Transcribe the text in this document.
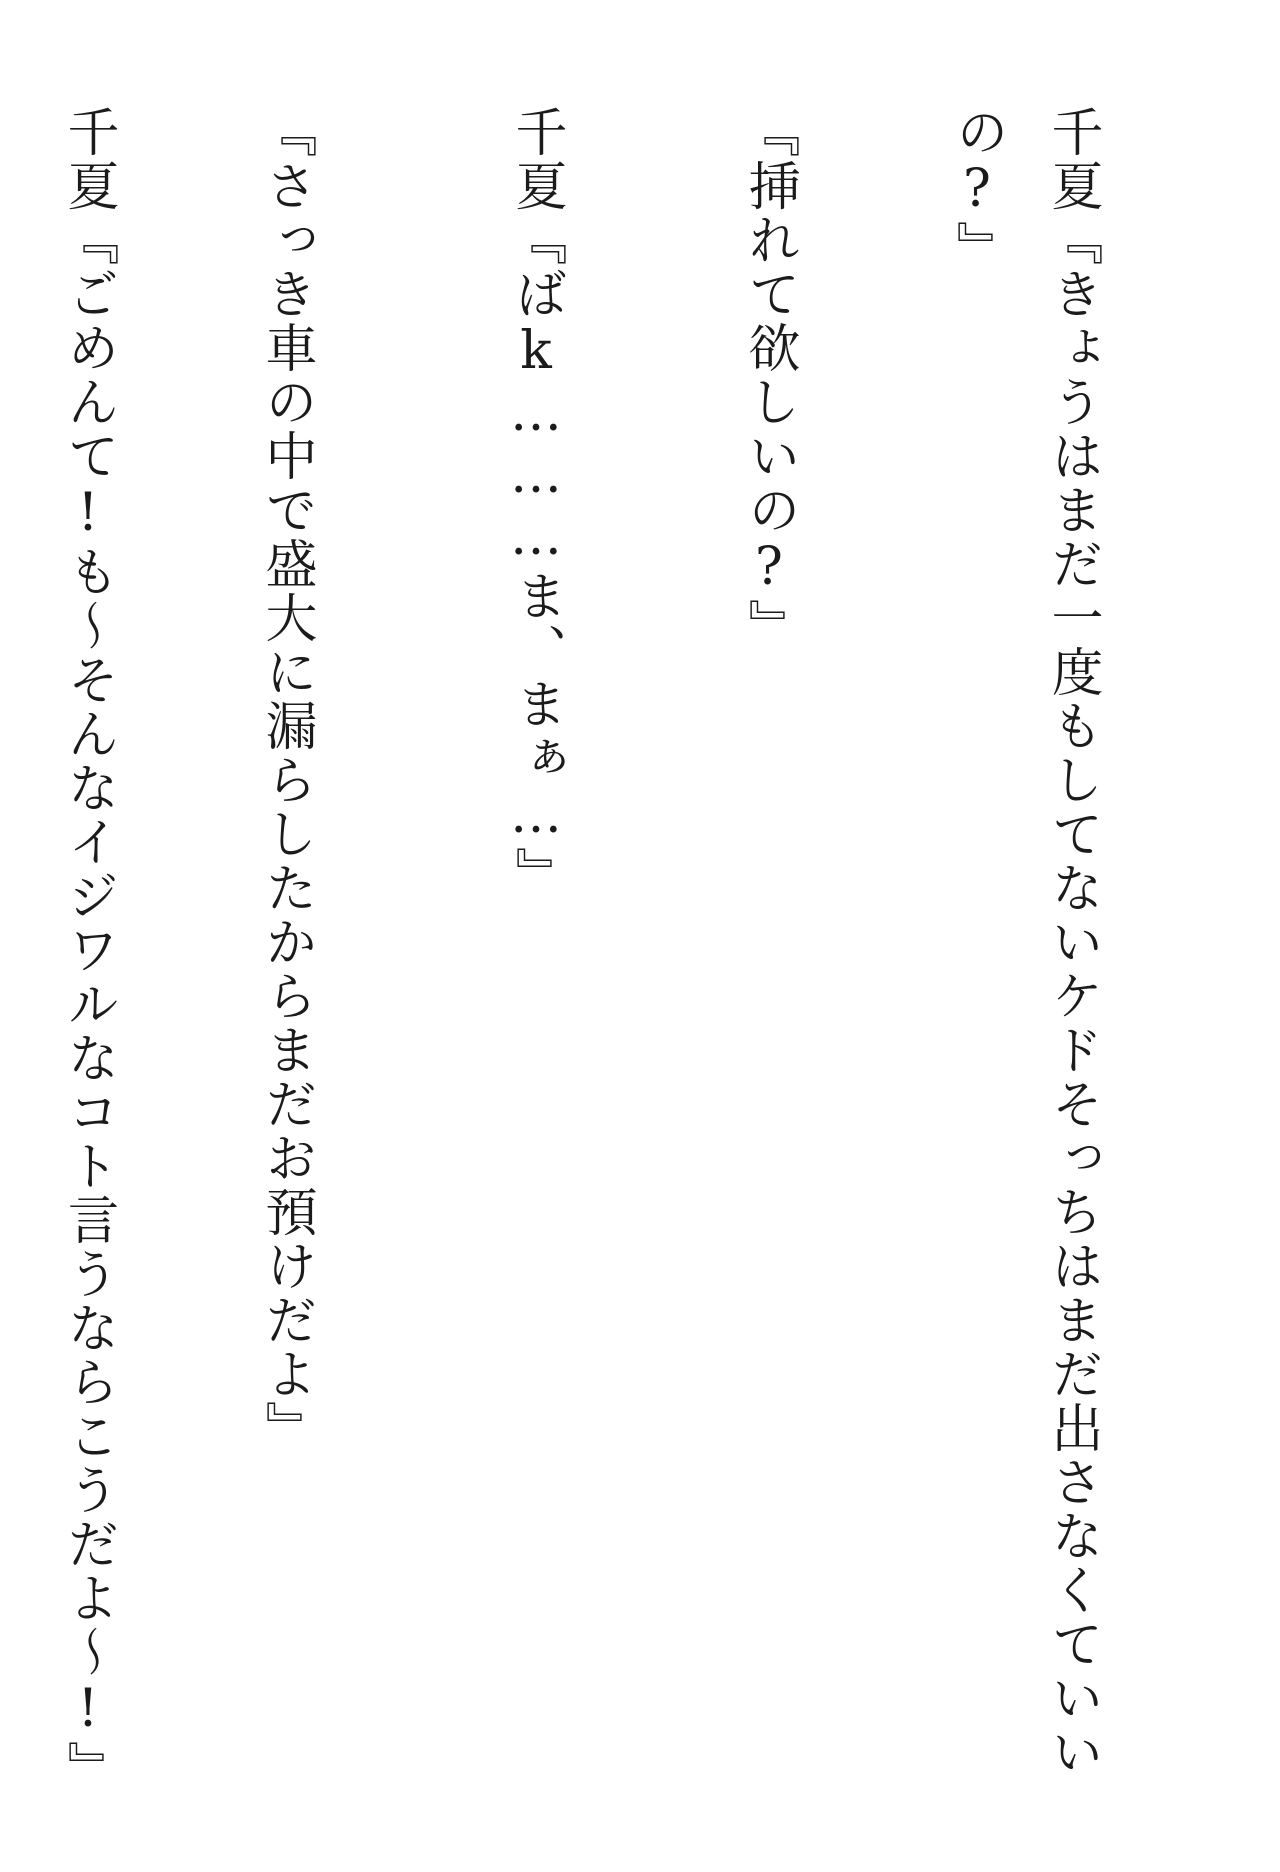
千夏『きょうはまだ一度もしてないケドそっちはまだ出さなくていい
の?』

『挿れて欲しいの?』

千夏『ばk………ま、まぁ…』

『さっき車の中で盛大に漏らしたからまだお預けだよ』

千夏『ごめんて!も〜そんなイジワルなコト言うならこうだよ〜!』
